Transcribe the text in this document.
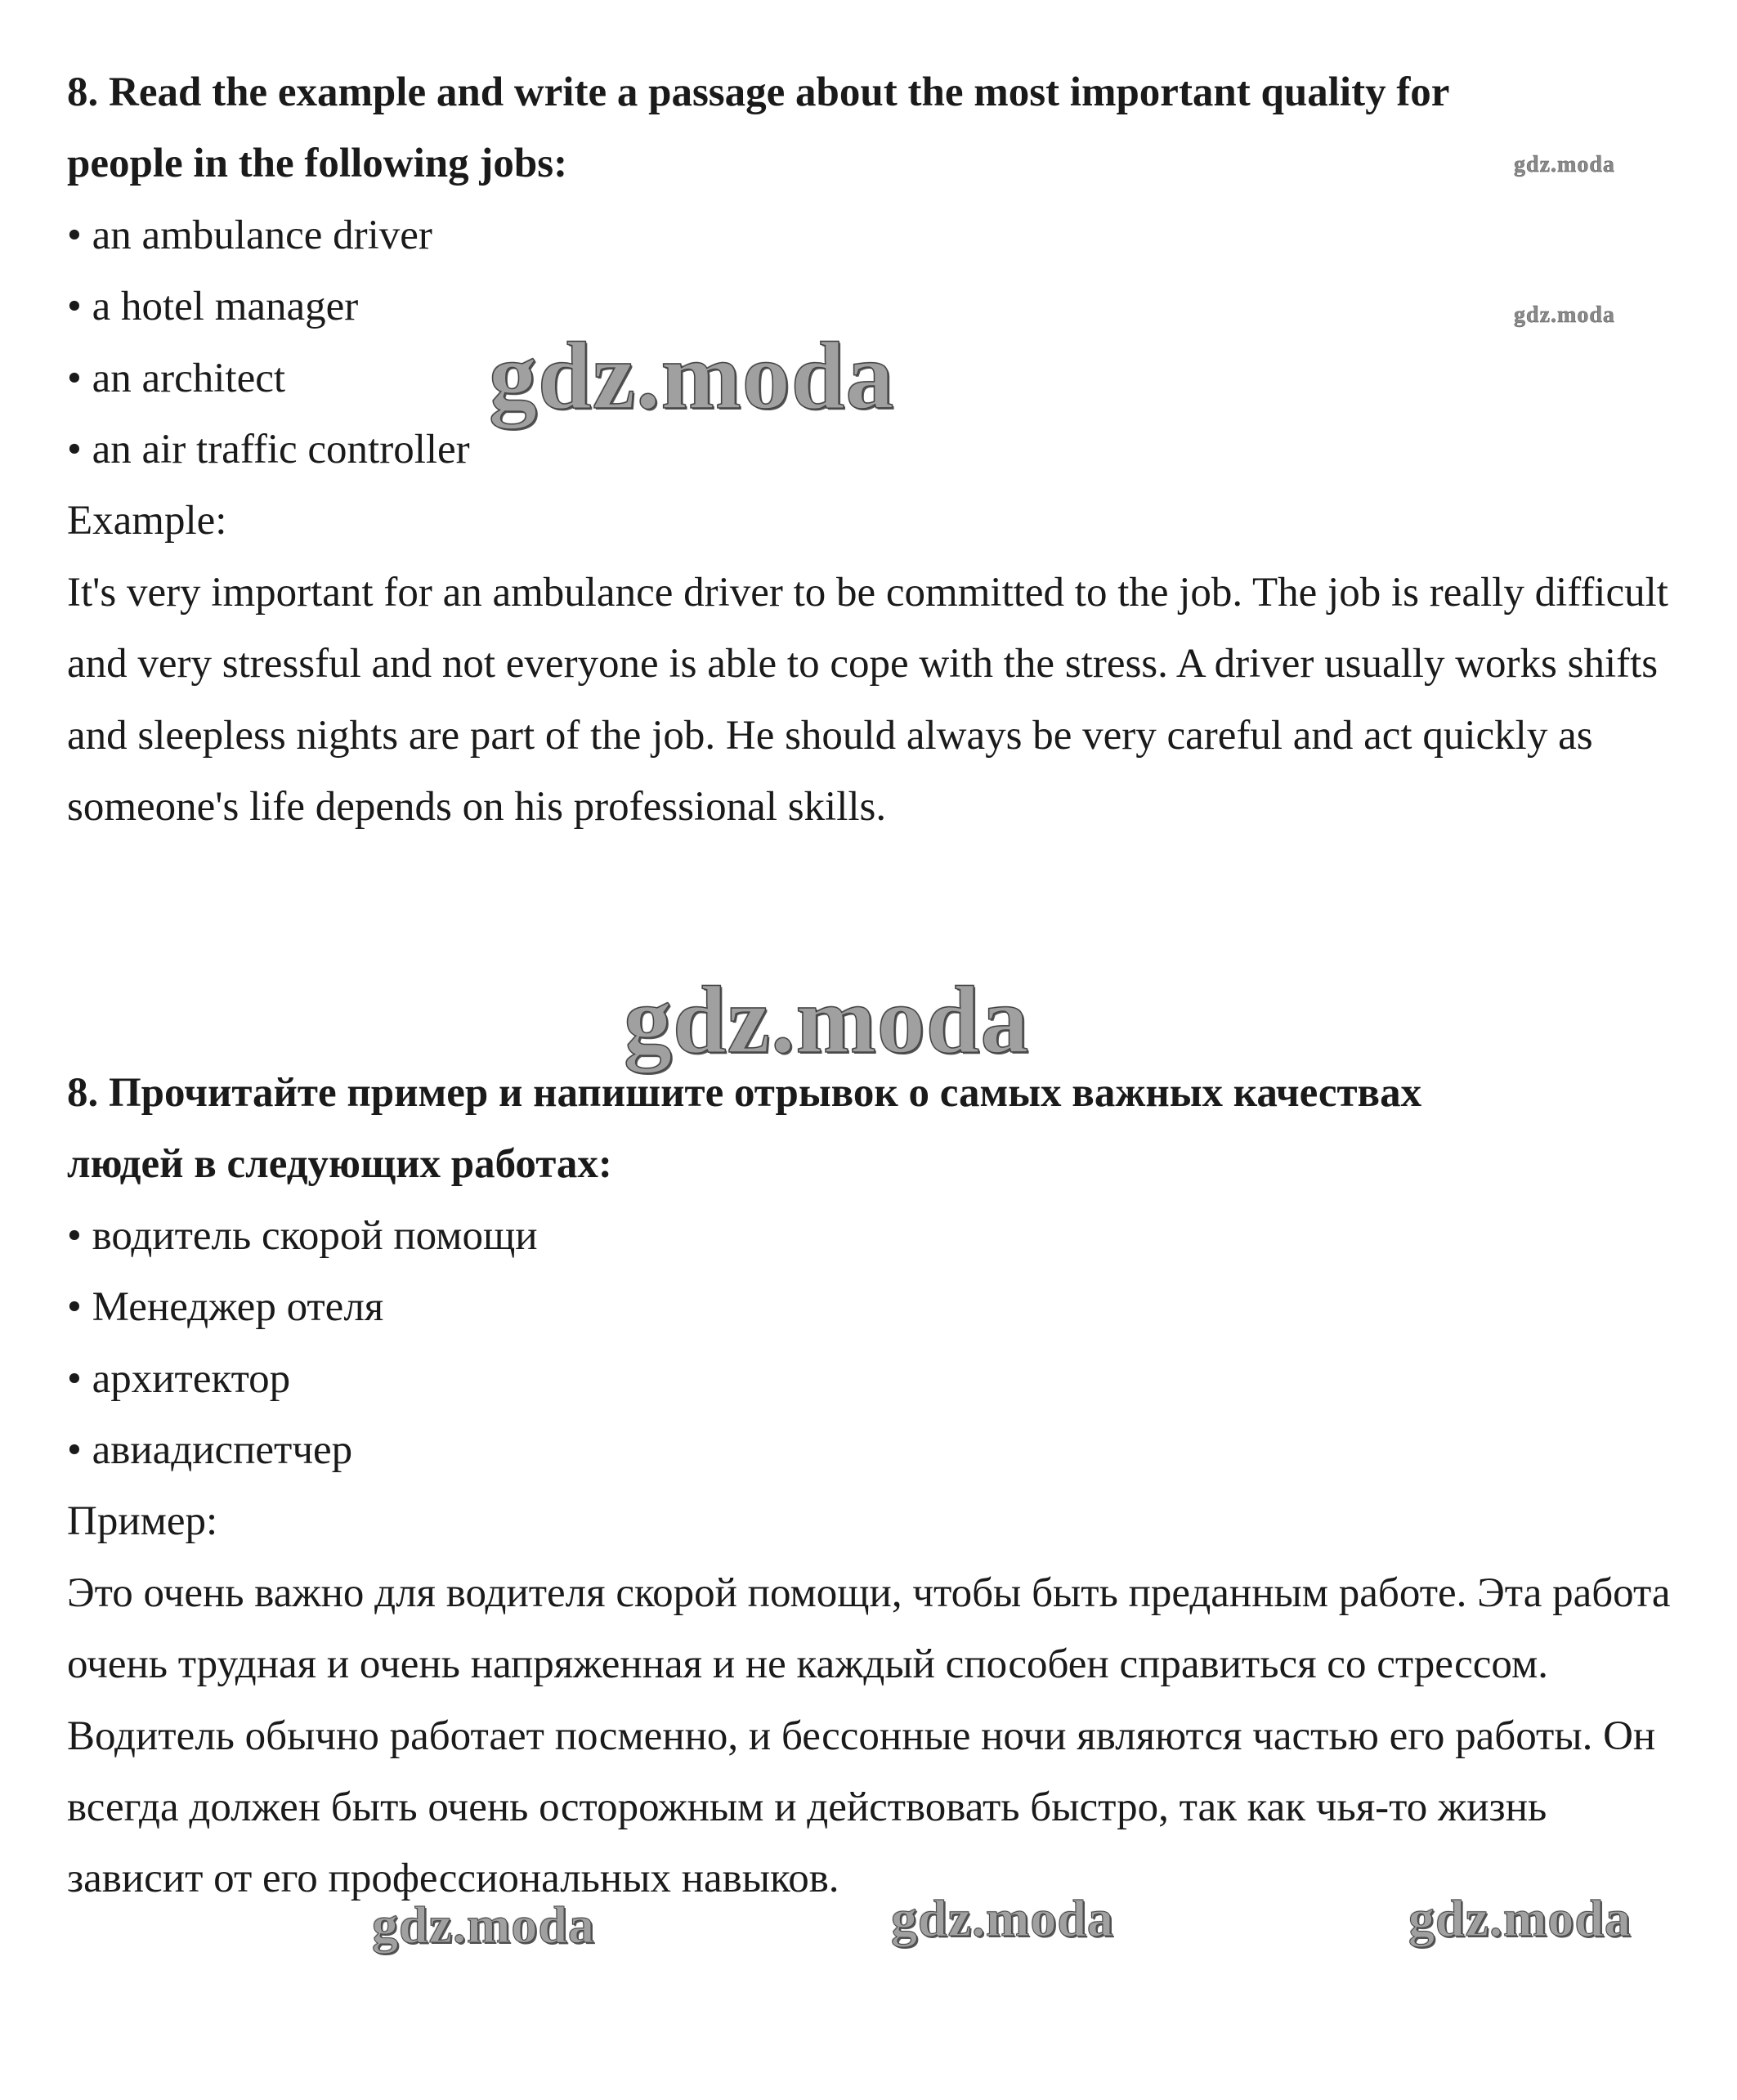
8. Read the example and write a passage about the most important quality for
people in the following jobs:
• an ambulance driver
• a hotel manager
• an architect
• an air traffic controller
Example:
It's very important for an ambulance driver to be committed to the job. The job is really difficult and very stressful and not everyone is able to cope with the stress. A driver usually works shifts and sleepless nights are part of the job. He should always be very careful and act quickly as someone's life depends on his professional skills.
8. Прочитайте пример и напишите отрывок о самых важных качествах
людей в следующих работах:
• водитель скорой помощи
• Менеджер отеля
• архитектор
• авиадиспетчер
Пример:
Это очень важно для водителя скорой помощи, чтобы быть преданным работе. Эта работа очень трудная и очень напряженная и не каждый способен справиться со стрессом. Водитель обычно работает посменно, и бессонные ночи являются частью его работы. Он всегда должен быть очень осторожным и действовать быстро, так как чья-то жизнь зависит от его профессиональных навыков.
gdz.moda
gdz.moda
gdz.moda
gdz.moda
gdz.moda	gdz.moda	gdz.moda
